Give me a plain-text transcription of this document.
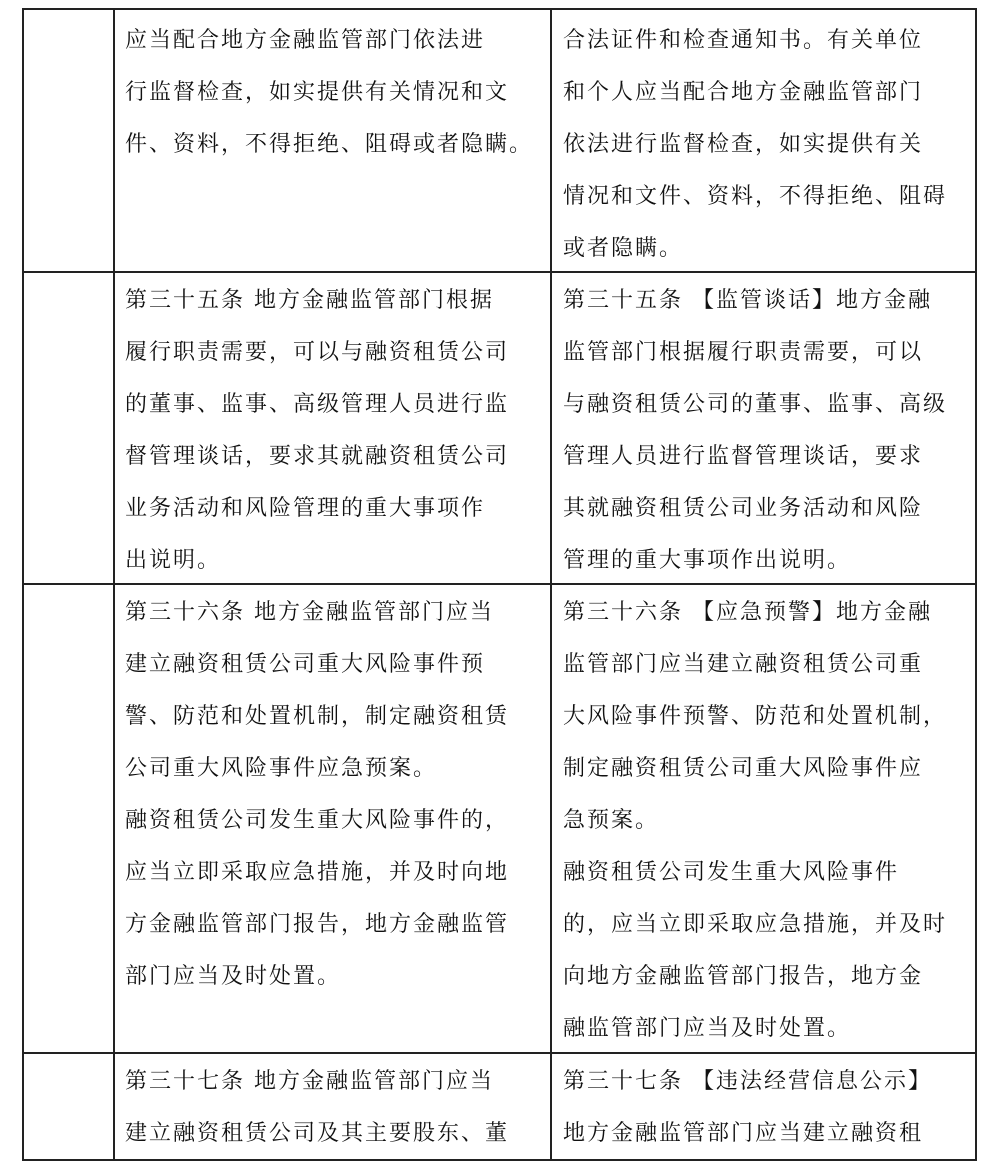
应当配合地方金融监管部门依法进
行监督检查，如实提供有关情况和文
件、资料，不得拒绝、阻碍或者隐瞒。
合法证件和检查通知书。有关单位
和个人应当配合地方金融监管部门
依法进行监督检查，如实提供有关
情况和文件、资料，不得拒绝、阻碍
或者隐瞒。
第三十五条 地方金融监管部门根据
履行职责需要，可以与融资租赁公司
的董事、监事、高级管理人员进行监
督管理谈话，要求其就融资租赁公司
业务活动和风险管理的重大事项作
出说明。
第三十五条 【监管谈话】地方金融
监管部门根据履行职责需要，可以
与融资租赁公司的董事、监事、高级
管理人员进行监督管理谈话，要求
其就融资租赁公司业务活动和风险
管理的重大事项作出说明。
第三十六条 地方金融监管部门应当
建立融资租赁公司重大风险事件预
警、防范和处置机制，制定融资租赁
公司重大风险事件应急预案。
融资租赁公司发生重大风险事件的，
应当立即采取应急措施，并及时向地
方金融监管部门报告，地方金融监管
部门应当及时处置。
第三十六条 【应急预警】地方金融
监管部门应当建立融资租赁公司重
大风险事件预警、防范和处置机制，
制定融资租赁公司重大风险事件应
急预案。
融资租赁公司发生重大风险事件
的，应当立即采取应急措施，并及时
向地方金融监管部门报告，地方金
融监管部门应当及时处置。
第三十七条 地方金融监管部门应当
建立融资租赁公司及其主要股东、董
第三十七条 【违法经营信息公示】
地方金融监管部门应当建立融资租
